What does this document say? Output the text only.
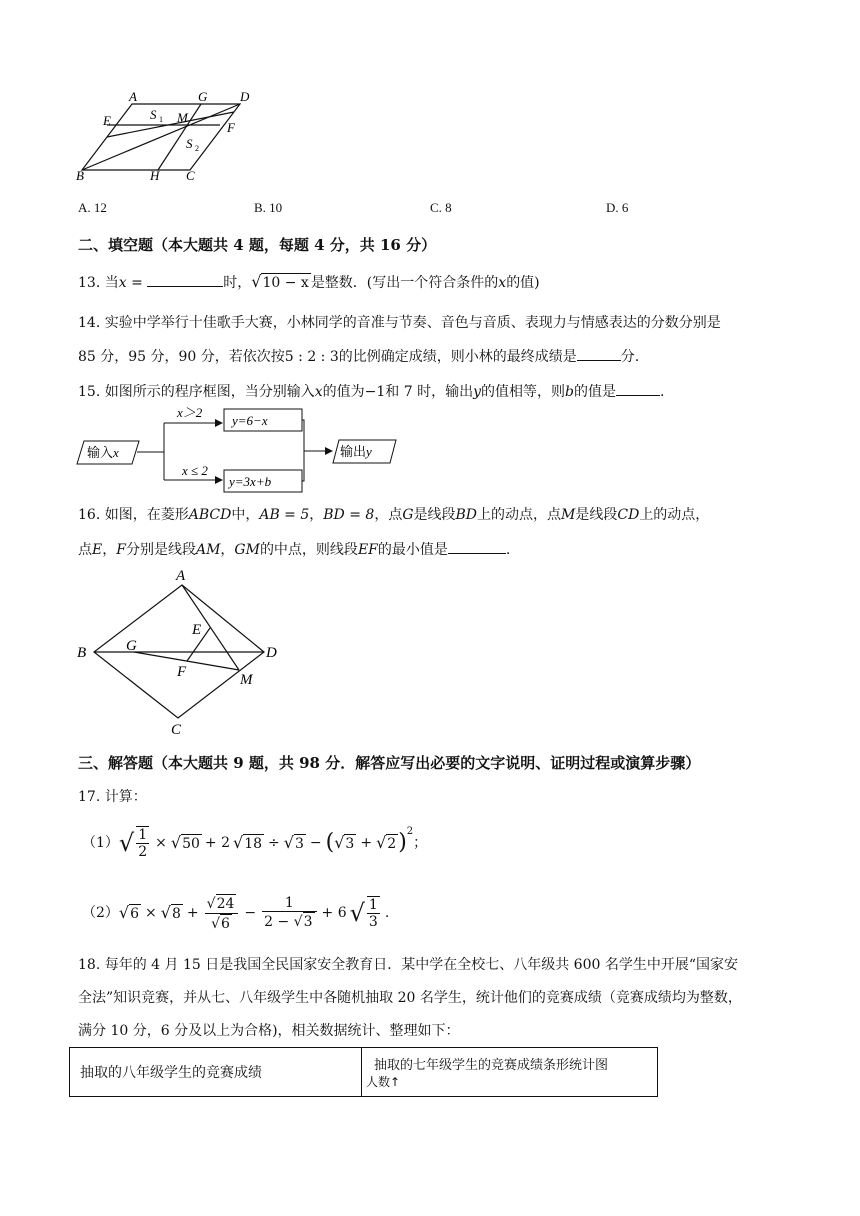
A	G	D
E	S 1 M
F
S 2
B	H C
A. 12	B. 10	C. 8	D. 6
二、填空题（本大题共 4 题，每题 4 分，共 16 分）
13. 当x =	时，√10 − x 是整数．(写出一个符合条件的x的值)
14. 实验中学举行十佳歌手大赛，小林同学的音准与节奏、音色与音质、表现力与情感表达的分数分别是
85 分，95 分，90 分，若依次按5 : 2 : 3的比例确定成绩，则小林的最终成绩是	分.
15. 如图所示的程序框图，当分别输入x的值为−1和 7 时，输出y的值相等，则b的值是	.
输入x
x＞2
x ≤ 2
y=6−x
y=3x+b
输出y
16. 如图，在菱形ABCD中，AB = 5，BD = 8，点G是线段BD上的动点，点M是线段CD上的动点，
点E，F分别是线段AM，GM的中点，则线段EF的最小值是	.
A
E
B	G	D
F	M
C
三、解答题（本大题共 9 题，共 98 分．解答应写出必要的文字说明、证明过程或演算步骤）
17. 计算：
（1） √ $\frac{1}{2}$ × √ 50 + 2 √ 18 ÷ √ 3 − ( √ 3 + √ 2 )$^2$
；
（2） √ 6 × √ $8 + \frac{√24}{√6} - \frac{1}{2 - √3} + 6$ √ $\frac{1}{3}$ .
18. 每年的 4 月 15 日是我国全民国家安全教育日．某中学在全校七、八年级共 600 名学生中开展“国家安
全法”知识竞赛，并从七、八年级学生中各随机抽取 20 名学生，统计他们的竞赛成绩（竞赛成绩均为整数，
满分 10 分，6 分及以上为合格)，相关数据统计、整理如下：
抽取的八年级学生的竞赛成绩	抽取的七年级学生的竞赛成绩条形统计图
人数↑
